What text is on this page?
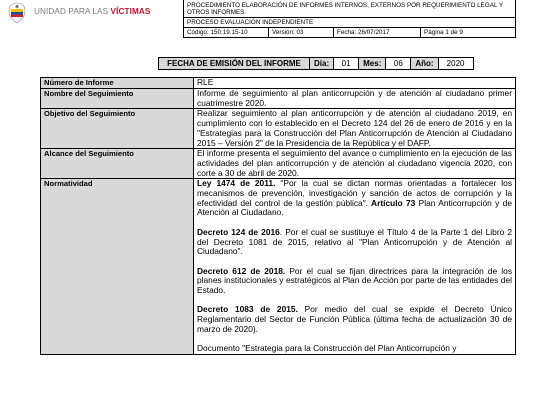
UNIDAD PARA LAS VÍCTIMAS
PROCEDIMIENTO ELABORACIÓN DE INFORMES INTERNOS, EXTERNOS POR REQUERIMIENTO LEGAL Y OTROS INFORMES.
PROCESO EVALUACIÓN INDEPENDIENTE
Código: 150.19.15-10	Versión: 03	Fecha: 26/07/2017	Página 1 de 9
FECHA DE EMISIÓN DEL INFORME	Día:	01	Mes:	06	Año:	2020
Número de Informe	RLE
Nombre del Seguimiento	Informe de seguimiento al plan anticorrupción y de atención al ciudadano primer cuatrimestre 2020.
Objetivo del Seguimiento	Realizar seguimiento al plan anticorrupción y de atención al ciudadano 2019, en cumplimiento con lo establecido en el Decreto 124 del 26 de enero de 2016 y en la "Estrategias para la Construcción del Plan Anticorrupción de Atención al Ciudadano 2015 – Versión 2" de la Presidencia de la República y el DAFP.
Alcance del Seguimiento	El informe presenta el seguimiento del avance o cumplimiento en la ejecución de las actividades del plan anticorrupción y de atención al ciudadano vigencia 2020, con corte a 30 de abril de 2020.
Normatividad	Ley 1474 de 2011. "Por la cual se dictan normas orientadas a fortalecer los mecanismos de prevención, investigación y sanción de actos de corrupción y la efectividad del control de la gestión pública". Artículo 73 Plan Anticorrupción y de Atención al Ciudadano.

Decreto 124 de 2016. Por el cual se sustituye el Título 4 de la Parte 1 del Libro 2 del Decreto 1081 de 2015, relativo al "Plan Anticorrupción y de Atención al Ciudadano".

Decreto 612 de 2018. Por el cual se fijan directrices para la integración de los planes institucionales y estratégicos al Plan de Acción por parte de las entidades del Estado.

Decreto 1083 de 2015. Por medio del cual se expide el Decreto Único Reglamentario del Sector de Función Pública (última fecha de actualización 30 de marzo de 2020).

Documento "Estrategia para la Construcción del Plan Anticorrupción y
